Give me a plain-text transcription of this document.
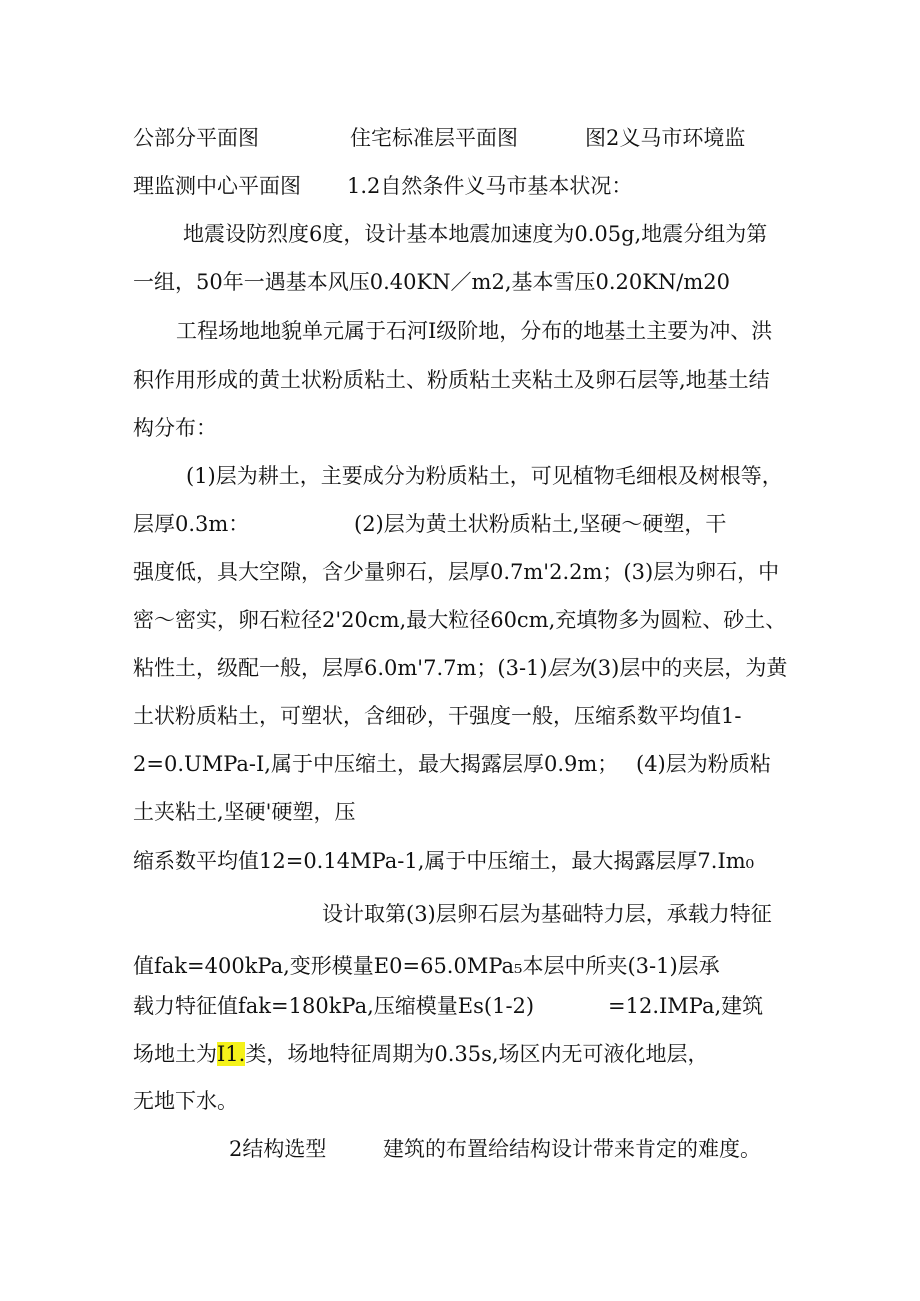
公部分平面图	住宅标准层平面图	图2义马市环境监
理监测中心平面图 1.2自然条件义马市基本状况：
地震设防烈度6度，设计基本地震加速度为0.05g,地震分组为第
一组，50年一遇基本风压0.40KN／m2,基本雪压0.20KN/m20
工程场地地貌单元属于石河I级阶地，分布的地基土主要为冲、洪
积作用形成的黄土状粉质粘土、粉质粘土夹粘土及卵石层等,地基土结
构分布：
(1)层为耕土，主要成分为粉质粘土，可见植物毛细根及树根等，
层厚0.3m：	(2)层为黄土状粉质粘土,坚硬～硬塑，干
强度低，具大空隙，含少量卵石，层厚0.7m'2.2m；(3)层为卵石，中
密～密实，卵石粒径2'20cm,最大粒径60cm,充填物多为圆粒、砂土、
粘性土，级配一般，层厚6.0m'7.7m；(3-1)层为(3)层中的夹层，为黄
土状粉质粘土，可塑状，含细砂，干强度一般，压缩系数平均值1-
2=0.UMPa-I,属于中压缩土，最大揭露层厚0.9m； (4)层为粉质粘
土夹粘土,坚硬'硬塑，压
缩系数平均值12=0.14MPa-1,属于中压缩土，最大揭露层厚7.Im₀
设计取第(3)层卵石层为基础特力层，承载力特征
值fak=400kPa,变形模量E0=65.0MPa₅本层中所夹(3-1)层承
载力特征值fak=180kPa,压缩模量Es(1-2)	=12.IMPa,建筑
场地土为I1.类，场地特征周期为0.35s,场区内无可液化地层，
无地下水。
2结构选型	建筑的布置给结构设计带来肯定的难度。
